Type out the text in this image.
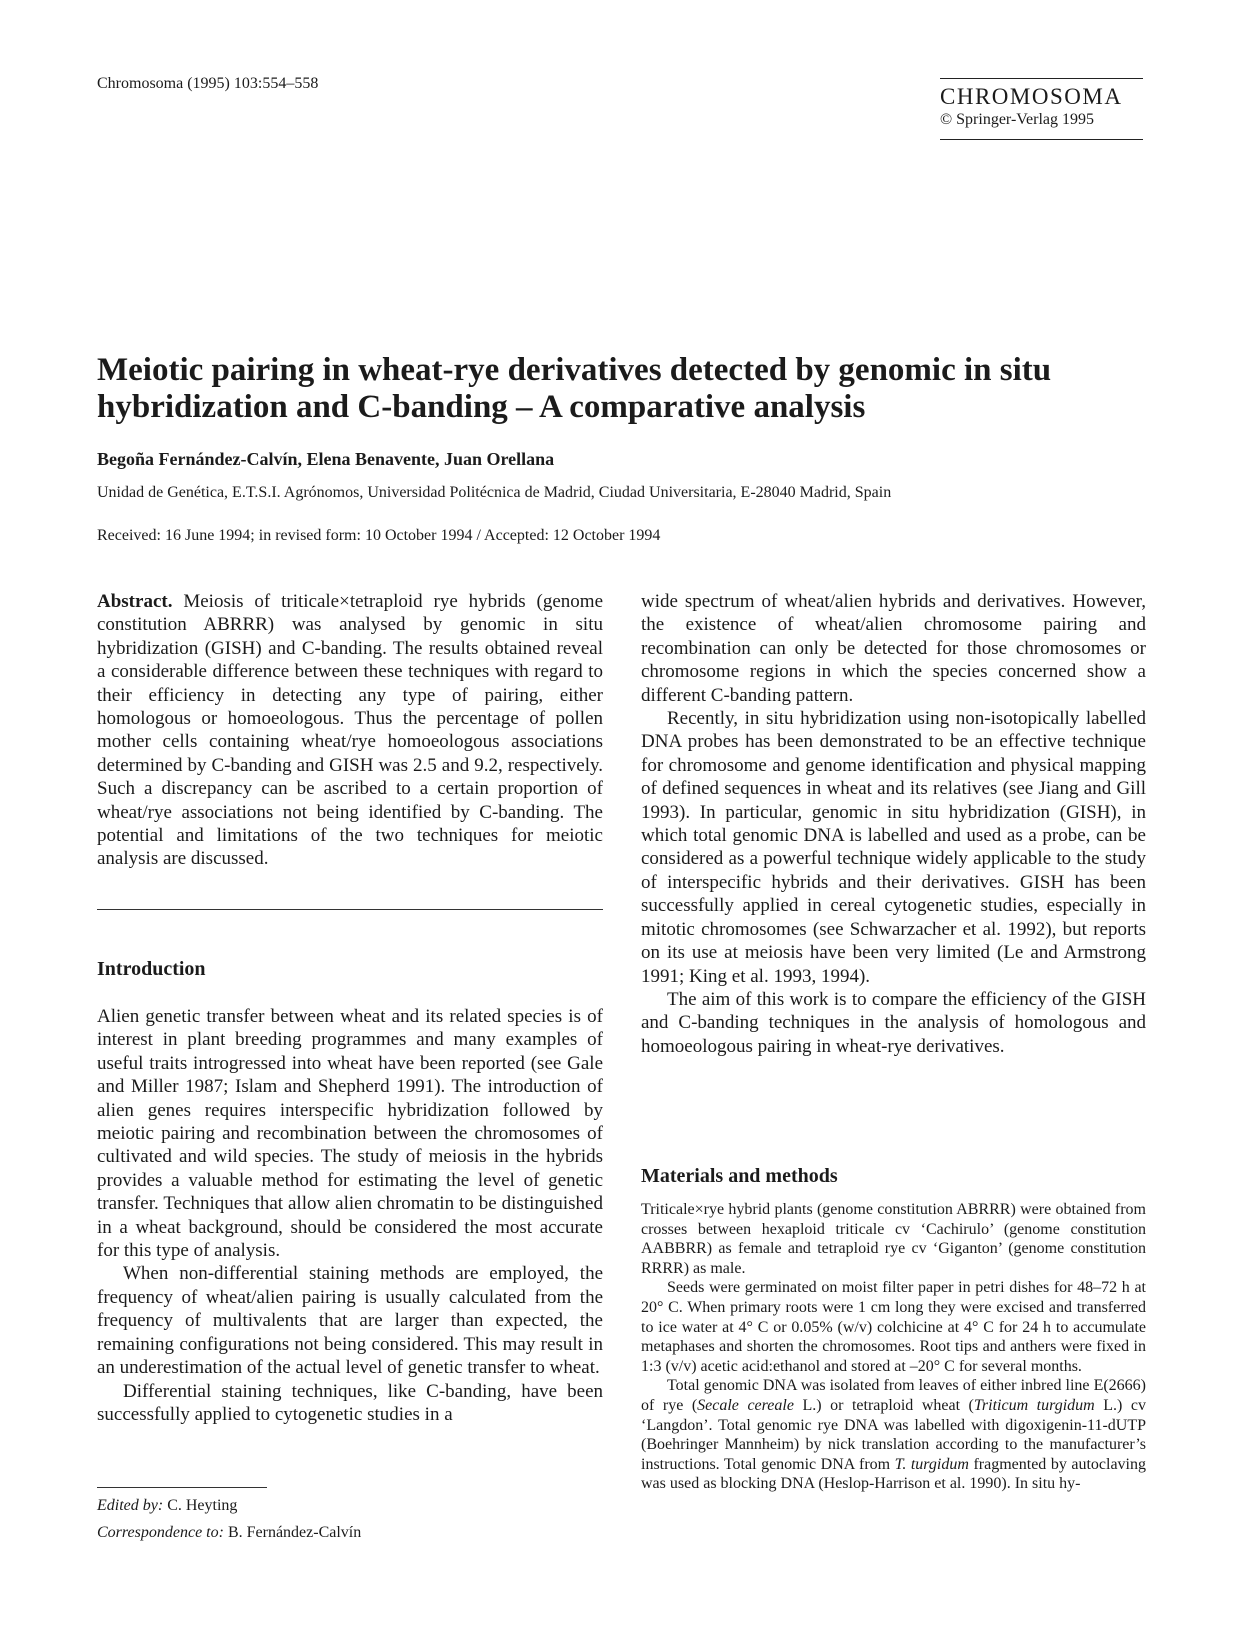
Chromosoma (1995) 103:554–558
CHROMOSOMA
© Springer-Verlag 1995
Meiotic pairing in wheat-rye derivatives detected by genomic in situ hybridization and C-banding – A comparative analysis
Begoña Fernández-Calvín, Elena Benavente, Juan Orellana
Unidad de Genética, E.T.S.I. Agrónomos, Universidad Politécnica de Madrid, Ciudad Universitaria, E-28040 Madrid, Spain
Received: 16 June 1994; in revised form: 10 October 1994 / Accepted: 12 October 1994

Abstract. Meiosis of triticale×tetraploid rye hybrids (genome constitution ABRRR) was analysed by genomic in situ hybridization (GISH) and C-banding. The results obtained reveal a considerable difference between these techniques with regard to their efficiency in detecting any type of pairing, either homologous or homoeologous. Thus the percentage of pollen mother cells containing wheat/rye homoeologous associations determined by C-banding and GISH was 2.5 and 9.2, respectively. Such a discrepancy can be ascribed to a certain proportion of wheat/rye associations not being identified by C-banding. The potential and limitations of the two techniques for meiotic analysis are discussed.

Introduction

Alien genetic transfer between wheat and its related species is of interest in plant breeding programmes and many examples of useful traits introgressed into wheat have been reported (see Gale and Miller 1987; Islam and Shepherd 1991). The introduction of alien genes requires interspecific hybridization followed by meiotic pairing and recombination between the chromosomes of cultivated and wild species. The study of meiosis in the hybrids provides a valuable method for estimating the level of genetic transfer. Techniques that allow alien chromatin to be distinguished in a wheat background, should be considered the most accurate for this type of analysis.

When non-differential staining methods are employed, the frequency of wheat/alien pairing is usually calculated from the frequency of multivalents that are larger than expected, the remaining configurations not being considered. This may result in an underestimation of the actual level of genetic transfer to wheat.

Differential staining techniques, like C-banding, have been successfully applied to cytogenetic studies in a

wide spectrum of wheat/alien hybrids and derivatives. However, the existence of wheat/alien chromosome pairing and recombination can only be detected for those chromosomes or chromosome regions in which the species concerned show a different C-banding pattern.

Recently, in situ hybridization using non-isotopically labelled DNA probes has been demonstrated to be an effective technique for chromosome and genome identification and physical mapping of defined sequences in wheat and its relatives (see Jiang and Gill 1993). In particular, genomic in situ hybridization (GISH), in which total genomic DNA is labelled and used as a probe, can be considered as a powerful technique widely applicable to the study of interspecific hybrids and their derivatives. GISH has been successfully applied in cereal cytogenetic studies, especially in mitotic chromosomes (see Schwarzacher et al. 1992), but reports on its use at meiosis have been very limited (Le and Armstrong 1991; King et al. 1993, 1994).

The aim of this work is to compare the efficiency of the GISH and C-banding techniques in the analysis of homologous and homoeologous pairing in wheat-rye derivatives.

Materials and methods

Triticale×rye hybrid plants (genome constitution ABRRR) were obtained from crosses between hexaploid triticale cv ‘Cachirulo’ (genome constitution AABBRR) as female and tetraploid rye cv ‘Giganton’ (genome constitution RRRR) as male.

Seeds were germinated on moist filter paper in petri dishes for 48–72 h at 20° C. When primary roots were 1 cm long they were excised and transferred to ice water at 4° C or 0.05% (w/v) colchicine at 4° C for 24 h to accumulate metaphases and shorten the chromosomes. Root tips and anthers were fixed in 1:3 (v/v) acetic acid:ethanol and stored at –20° C for several months.

Total genomic DNA was isolated from leaves of either inbred line E(2666) of rye (Secale cereale L.) or tetraploid wheat (Triticum turgidum L.) cv ‘Langdon’. Total genomic rye DNA was labelled with digoxigenin-11-dUTP (Boehringer Mannheim) by nick translation according to the manufacturer’s instructions. Total genomic DNA from T. turgidum fragmented by autoclaving was used as blocking DNA (Heslop-Harrison et al. 1990). In situ hy-

Edited by: C. Heyting
Correspondence to: B. Fernández-Calvín
